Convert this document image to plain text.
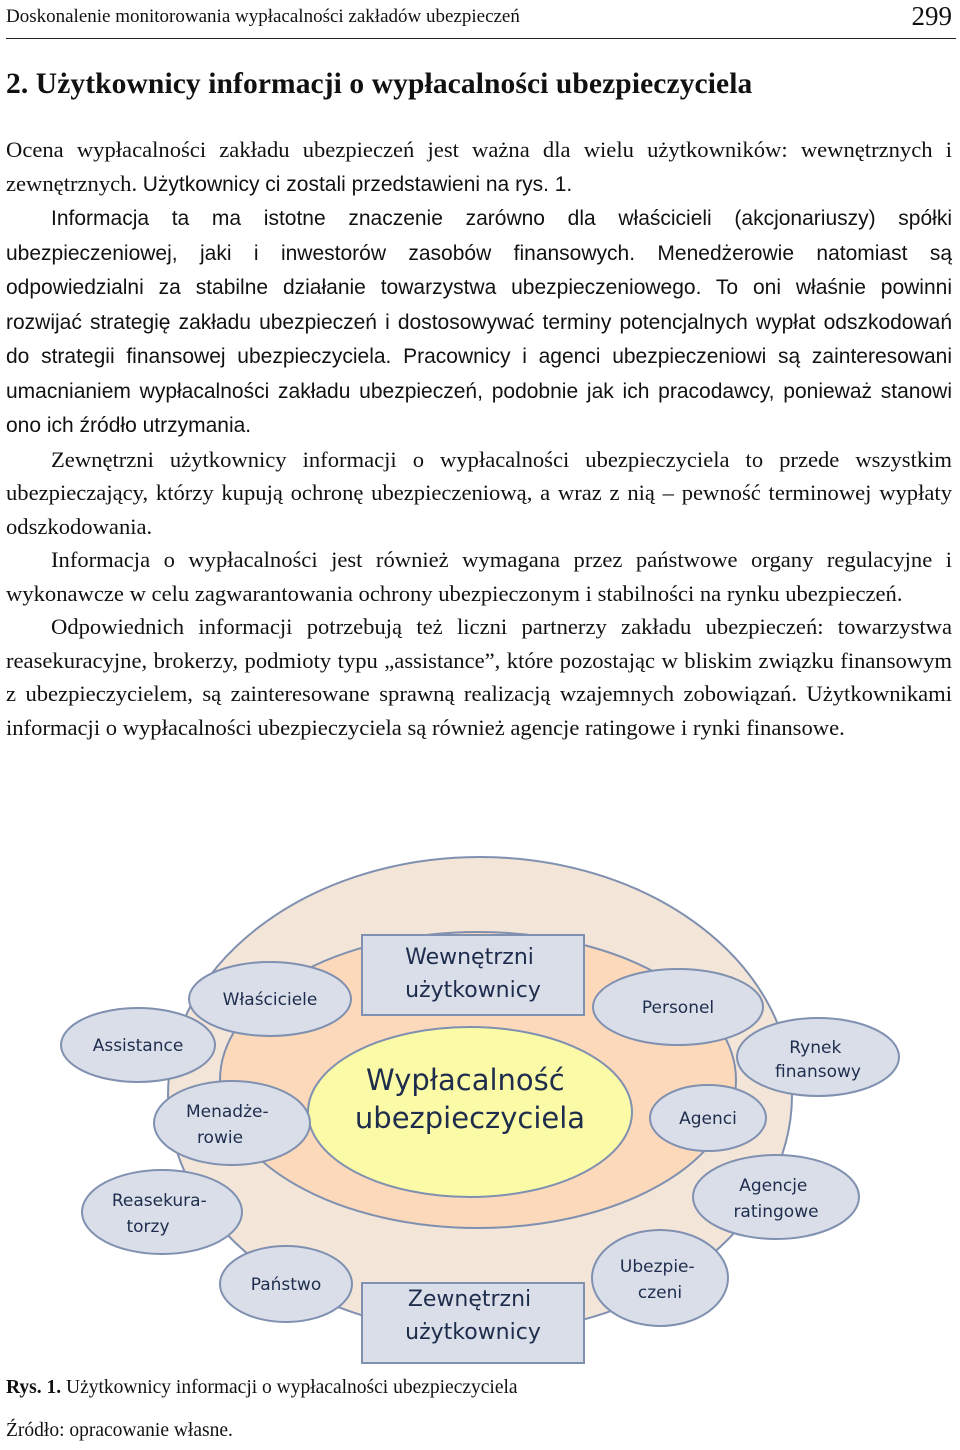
Doskonalenie monitorowania wypłacalności zakładów ubezpieczeń	299
2. Użytkownicy informacji o wypłacalności ubezpieczyciela

Ocena wypłacalności zakładu ubezpieczeń jest ważna dla wielu użytkowników: wewnętrznych i zewnętrznych. Użytkownicy ci zostali przedstawieni na rys. 1.

Informacja ta ma istotne znaczenie zarówno dla właścicieli (akcjonariuszy) spółki ubezpieczeniowej, jaki i inwestorów zasobów finansowych. Menedżerowie natomiast są odpowiedzialni za stabilne działanie towarzystwa ubezpieczeniowego. To oni właśnie powinni rozwijać strategię zakładu ubezpieczeń i dostosowywać terminy potencjalnych wypłat odszkodowań do strategii finansowej ubezpieczyciela. Pracownicy i agenci ubezpieczeniowi są zainteresowani umacnianiem wypłacalności zakładu ubezpieczeń, podobnie jak ich pracodawcy, ponieważ stanowi ono ich źródło utrzymania.

Zewnętrzni użytkownicy informacji o wypłacalności ubezpieczyciela to przede wszystkim ubezpieczający, którzy kupują ochronę ubezpieczeniową, a wraz z nią – pewność terminowej wypłaty odszkodowania.

Informacja o wypłacalności jest również wymagana przez państwowe organy regulacyjne i wykonawcze w celu zagwarantowania ochrony ubezpieczonym i stabilności na rynku ubezpieczeń.

Odpowiednich informacji potrzebują też liczni partnerzy zakładu ubezpieczeń: towarzystwa reasekuracyjne, brokerzy, podmioty typu „assistance”, które pozostając w bliskim związku finansowym z ubezpieczycielem, są zainteresowane sprawną realizacją wzajemnych zobowiązań. Użytkownikami informacji o wypłacalności ubezpieczyciela są również agencje ratingowe i rynki finansowe.

Wypłacalność ubezpieczyciela
Wewnętrzni użytkownicy
Zewnętrzni użytkownicy
Właściciele	Personel
Assistance	Rynek finansowy
Menadże- rowie
Agenci
Reasekura- torzy
Agencje ratingowe
Państwo
Ubezpie- czeni
Rys. 1. Użytkownicy informacji o wypłacalności ubezpieczyciela
Źródło: opracowanie własne.
